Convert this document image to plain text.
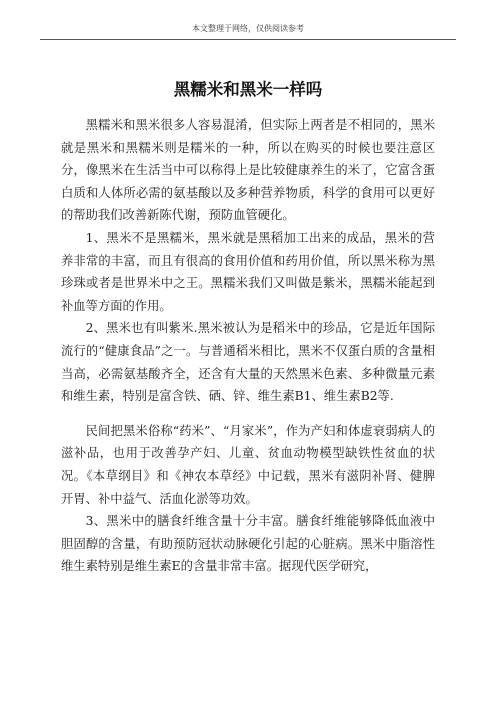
本文整理于网络，仅供阅读参考
黑糯米和黑米一样吗

黑糯米和黑米很多人容易混淆，但实际上两者是不相同的，黑米就是黑米和黑糯米则是糯米的一种，所以在购买的时候也要注意区分，像黑米在生活当中可以称得上是比较健康养生的米了，它富含蛋白质和人体所必需的氨基酸以及多种营养物质，科学的食用可以更好的帮助我们改善新陈代谢，预防血管硬化。

1、黑米不是黑糯米，黑米就是黑稻加工出来的成品，黑米的营养非常的丰富，而且有很高的食用价值和药用价值，所以黑米称为黑珍珠或者是世界米中之王。黑糯米我们又叫做是紫米，黑糯米能起到补血等方面的作用。

2、黑米也有叫紫米.黑米被认为是稻米中的珍品，它是近年国际流行的“健康食品”之一。与普通稻米相比，黑米不仅蛋白质的含量相当高，必需氨基酸齐全，还含有大量的天然黑米色素、多种微量元素和维生素，特别是富含铁、硒、锌、维生素B1、维生素B2等.

民间把黑米俗称“药米”、“月家米”，作为产妇和体虚衰弱病人的滋补品，也用于改善孕产妇、儿童、贫血动物模型缺铁性贫血的状况。《本草纲目》和《神农本草经》中记载，黑米有滋阴补肾、健脾开胃、补中益气、活血化淤等功效。

3、黑米中的膳食纤维含量十分丰富。膳食纤维能够降低血液中胆固醇的含量，有助预防冠状动脉硬化引起的心脏病。黑米中脂溶性维生素特别是维生素E的含量非常丰富。据现代医学研究，
